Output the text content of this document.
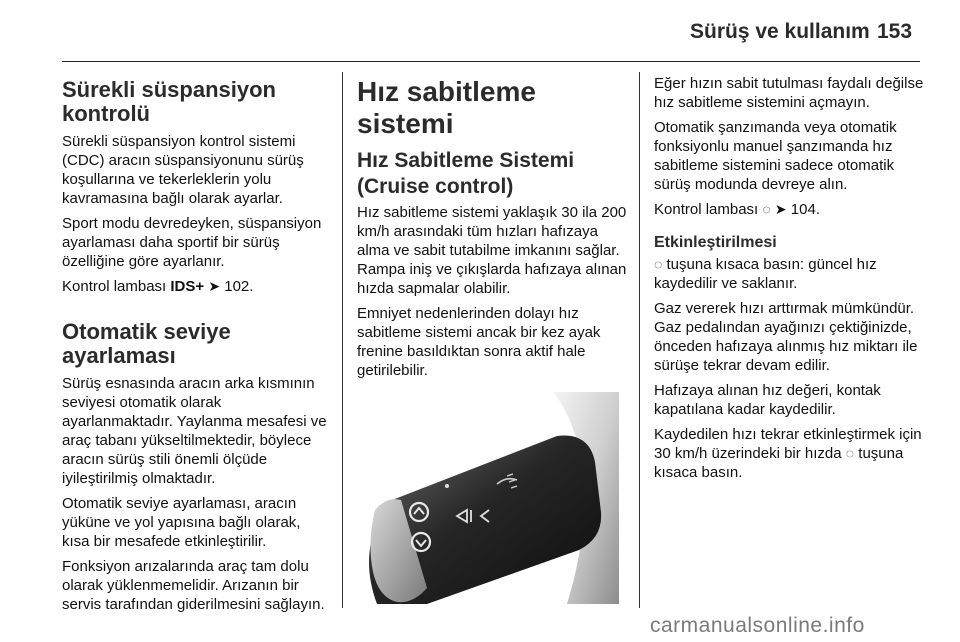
Sürüş ve kullanım 153
Sürekli süspansiyon kontrolü

Sürekli süspansiyon kontrol sistemi (CDC) aracın süspansiyonunu sürüş koşullarına ve tekerleklerin yolu kavramasına bağlı olarak ayarlar.

Sport modu devredeyken, süspansiyon ayarlaması daha sportif bir sürüş özelliğine göre ayarlanır.

Kontrol lambası IDS+ ➤ 102.

Otomatik seviye ayarlaması

Sürüş esnasında aracın arka kısmının seviyesi otomatik olarak ayarlanmaktadır. Yaylanma mesafesi ve araç tabanı yükseltilmektedir, böylece aracın sürüş stili önemli ölçüde iyileştirilmiş olmaktadır.

Otomatik seviye ayarlaması, aracın yüküne ve yol yapısına bağlı olarak, kısa bir mesafede etkinleştirilir.

Fonksiyon arızalarında araç tam dolu olarak yüklenmemelidir. Arızanın bir servis tarafından giderilmesini sağlayın.

Hız sabitleme sistemi
Hız Sabitleme Sistemi (Cruise control)

Hız sabitleme sistemi yaklaşık 30 ila 200 km/h arasındaki tüm hızları hafızaya alma ve sabit tutabilme imkanını sağlar. Rampa iniş ve çıkışlarda hafızaya alınan hızda sapmalar olabilir.

Emniyet nedenlerinden dolayı hız sabitleme sistemi ancak bir kez ayak frenine basıldıktan sonra aktif hale getirilebilir.

Eğer hızın sabit tutulması faydalı değilse hız sabitleme sistemini açmayın.

Otomatik şanzımanda veya otomatik fonksiyonlu manuel şanzımanda hız sabitleme sistemini sadece otomatik sürüş modunda devreye alın.

Kontrol lambası ◌ ➤ 104.

Etkinleştirilmesi

◌ tuşuna kısaca basın: güncel hız kaydedilir ve saklanır.

Gaz vererek hızı arttırmak mümkündür. Gaz pedalından ayağınızı çektiğinizde, önceden hafızaya alınmış hız miktarı ile sürüşe tekrar devam edilir.

Hafızaya alınan hız değeri, kontak kapatılana kadar kaydedilir.

Kaydedilen hızı tekrar etkinleştirmek için 30 km/h üzerindeki bir hızda ◌ tuşuna kısaca basın.

carmanualsonline.info
